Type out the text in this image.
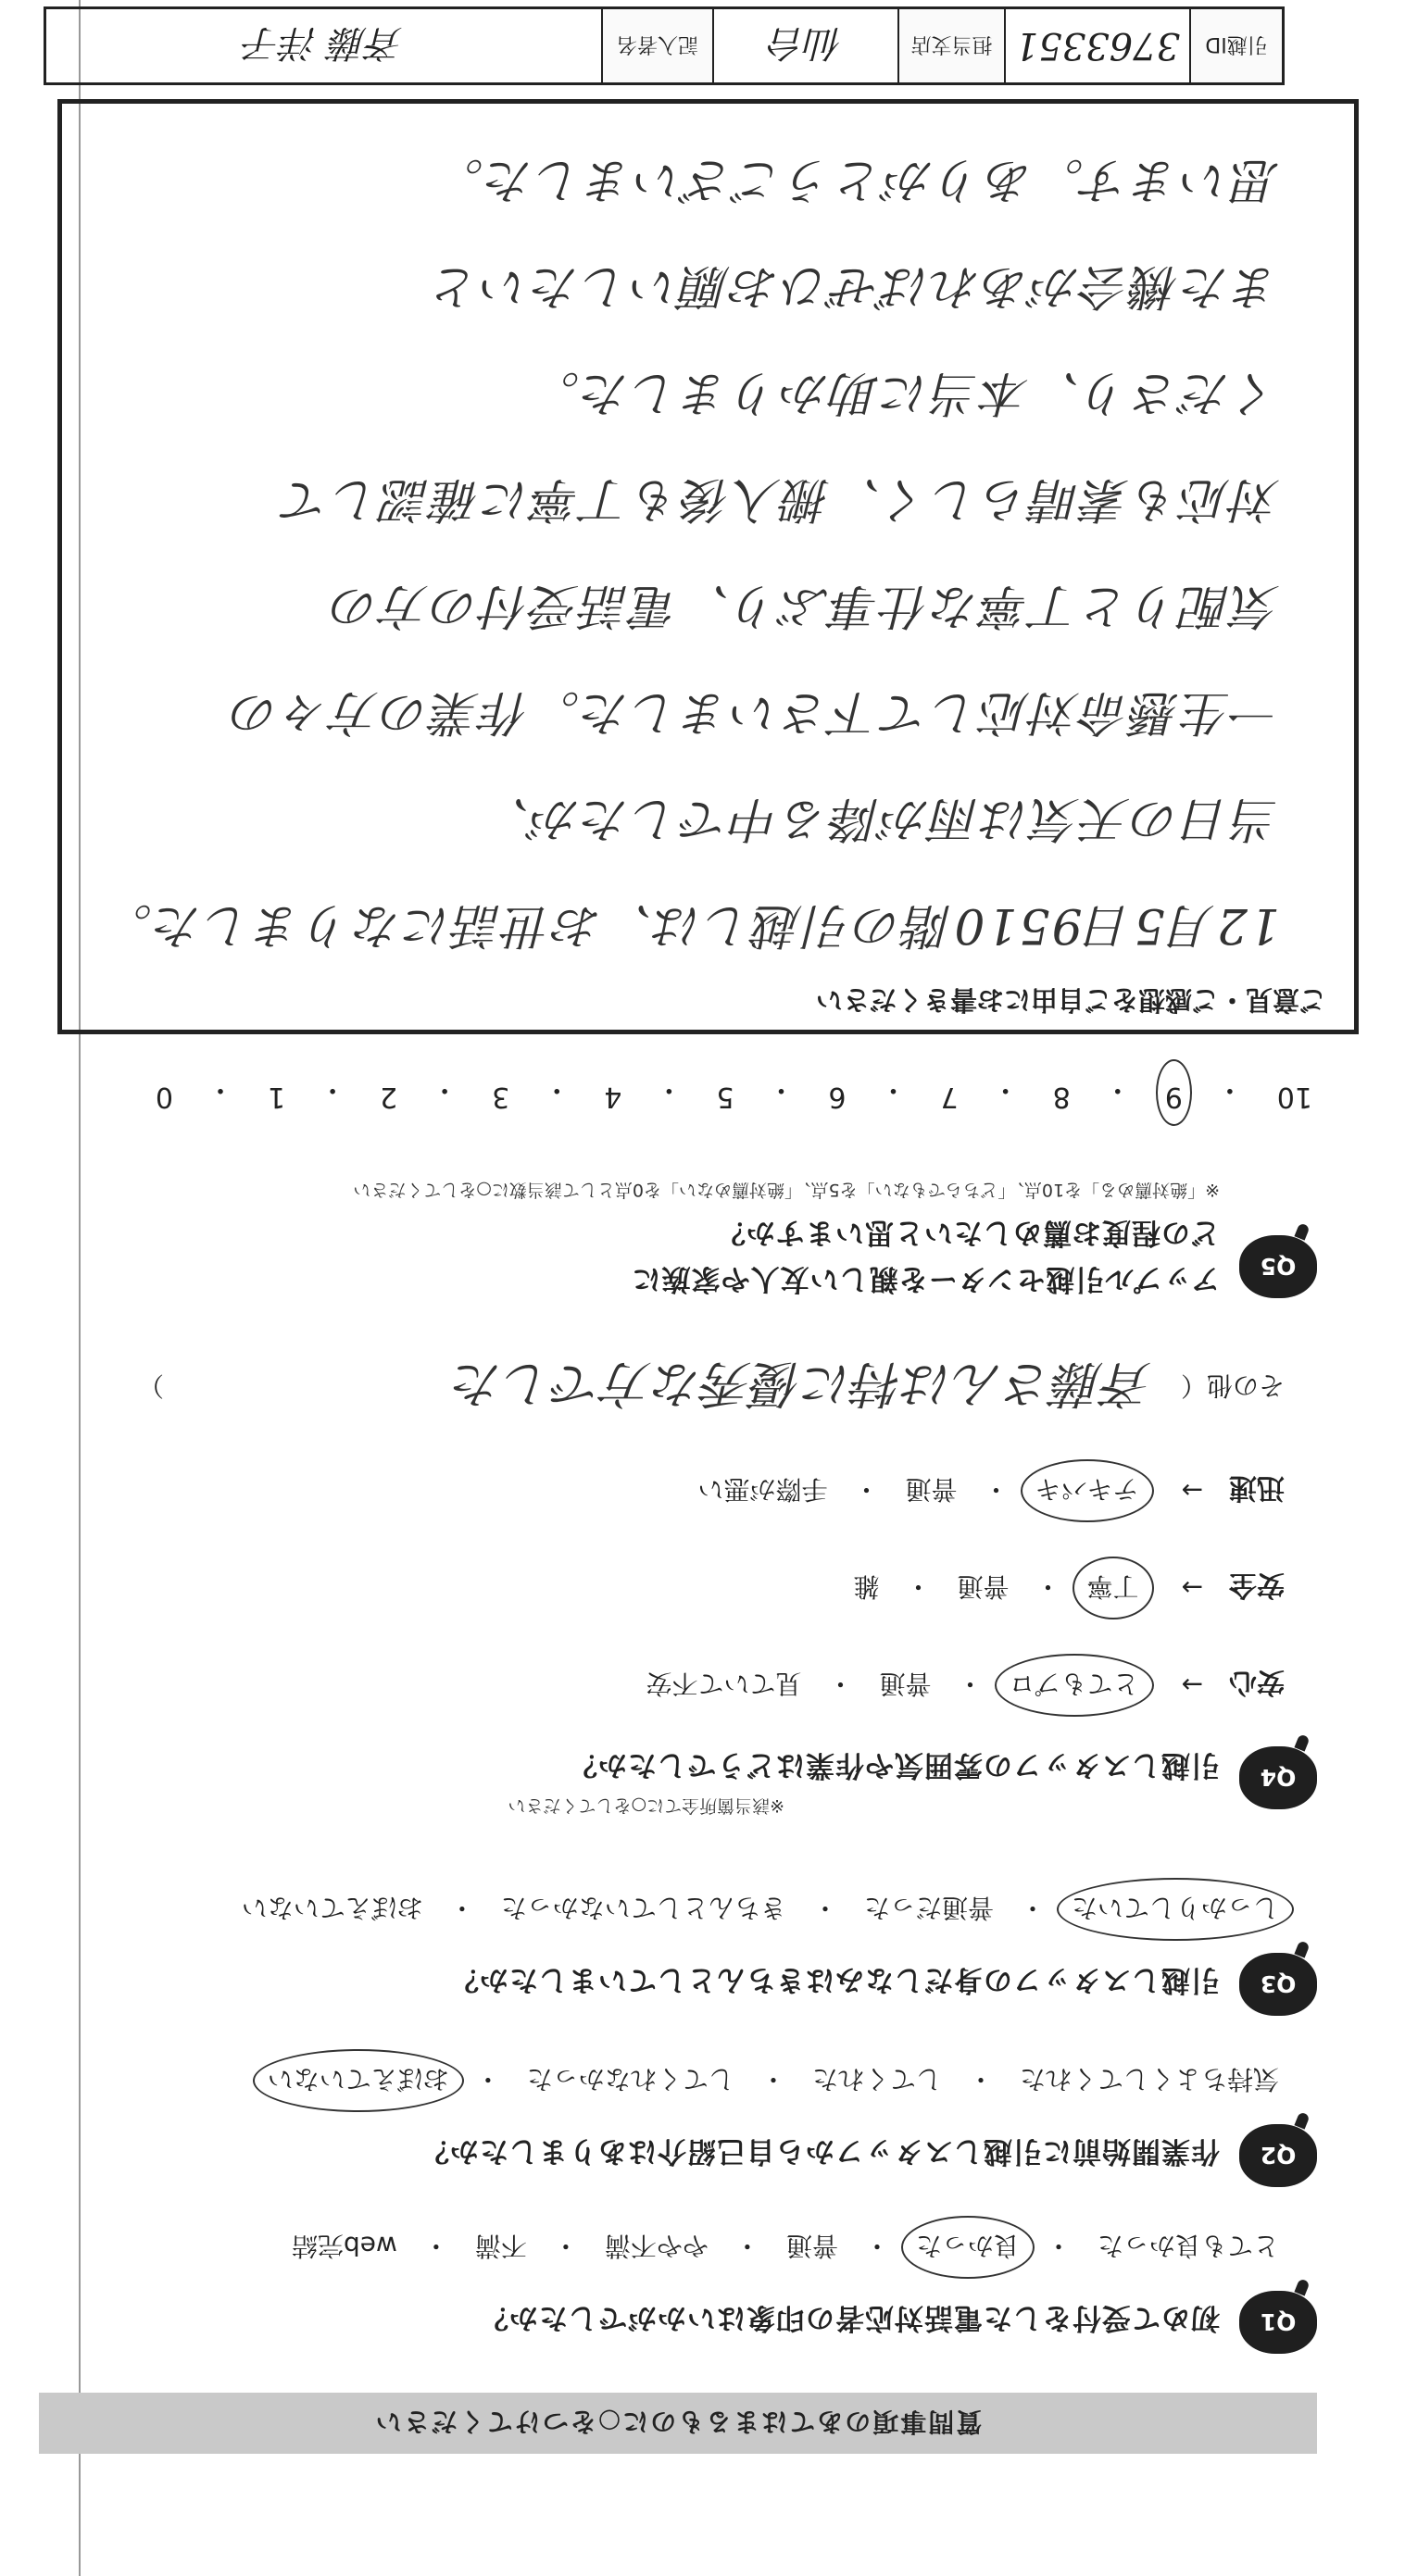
質問事項のあてはまるものに○をつけてください
Q1
初めて受付をした電話対応者の印象はいかがでしたか？
とても良かった
・
良かった
・
普通
・
やや不満
・
不満
・
web完結
Q2
作業開始前に引越しスタッフから自己紹介はありましたか？
気持ちよくしてくれた
・
してくれた
・
してくれなかった
・
おぼえていない
Q3
引越しスタッフの身だしなみはきちんとしていましたか？
しっかりしていた
・
普通だった
・
きちんとしていなかった
・
おぼえていない
Q4
引越しスタッフの雰囲気や作業はどうでしたか？
※該当箇所全てに○をしてください
安心
→
とてもプロ
・
普通
・
見ていて不安
安全
→
丁寧
・
普通
・
雑
迅速
→
テキパキ
・
普通
・
手際が悪い
その他（
斉藤さんは特に優秀な方でした
）
Q5
アップル引越センターを親しい友人や家族に
どの程度お薦めしたいと思いますか？
※「絶対薦める」を10点、「どちらでもない」を5点、「絶対薦めない」を0点として該当数に○をしてください
10
・
9
・
8
・
7
・
6
・
5
・
4
・
3
・
2
・
1
・
0
ご意見・ご感想をご自由にお書きください
12月5日9510階の引越しは、お世話になりました。
当日の天気は雨が降る中でしたが、
一生懸命対応して下さいました。作業の方々の
気配りと丁寧な仕事ぶり、電話受付の方の
対応も素晴らしく、搬入後も丁寧に確認して
くださり、本当に助かりました。
また機会があればぜひお願いしたいと
思います。ありがとうございました。
引越ID
3763351
担当支店
仙台
記入者名
斉藤 洋子
